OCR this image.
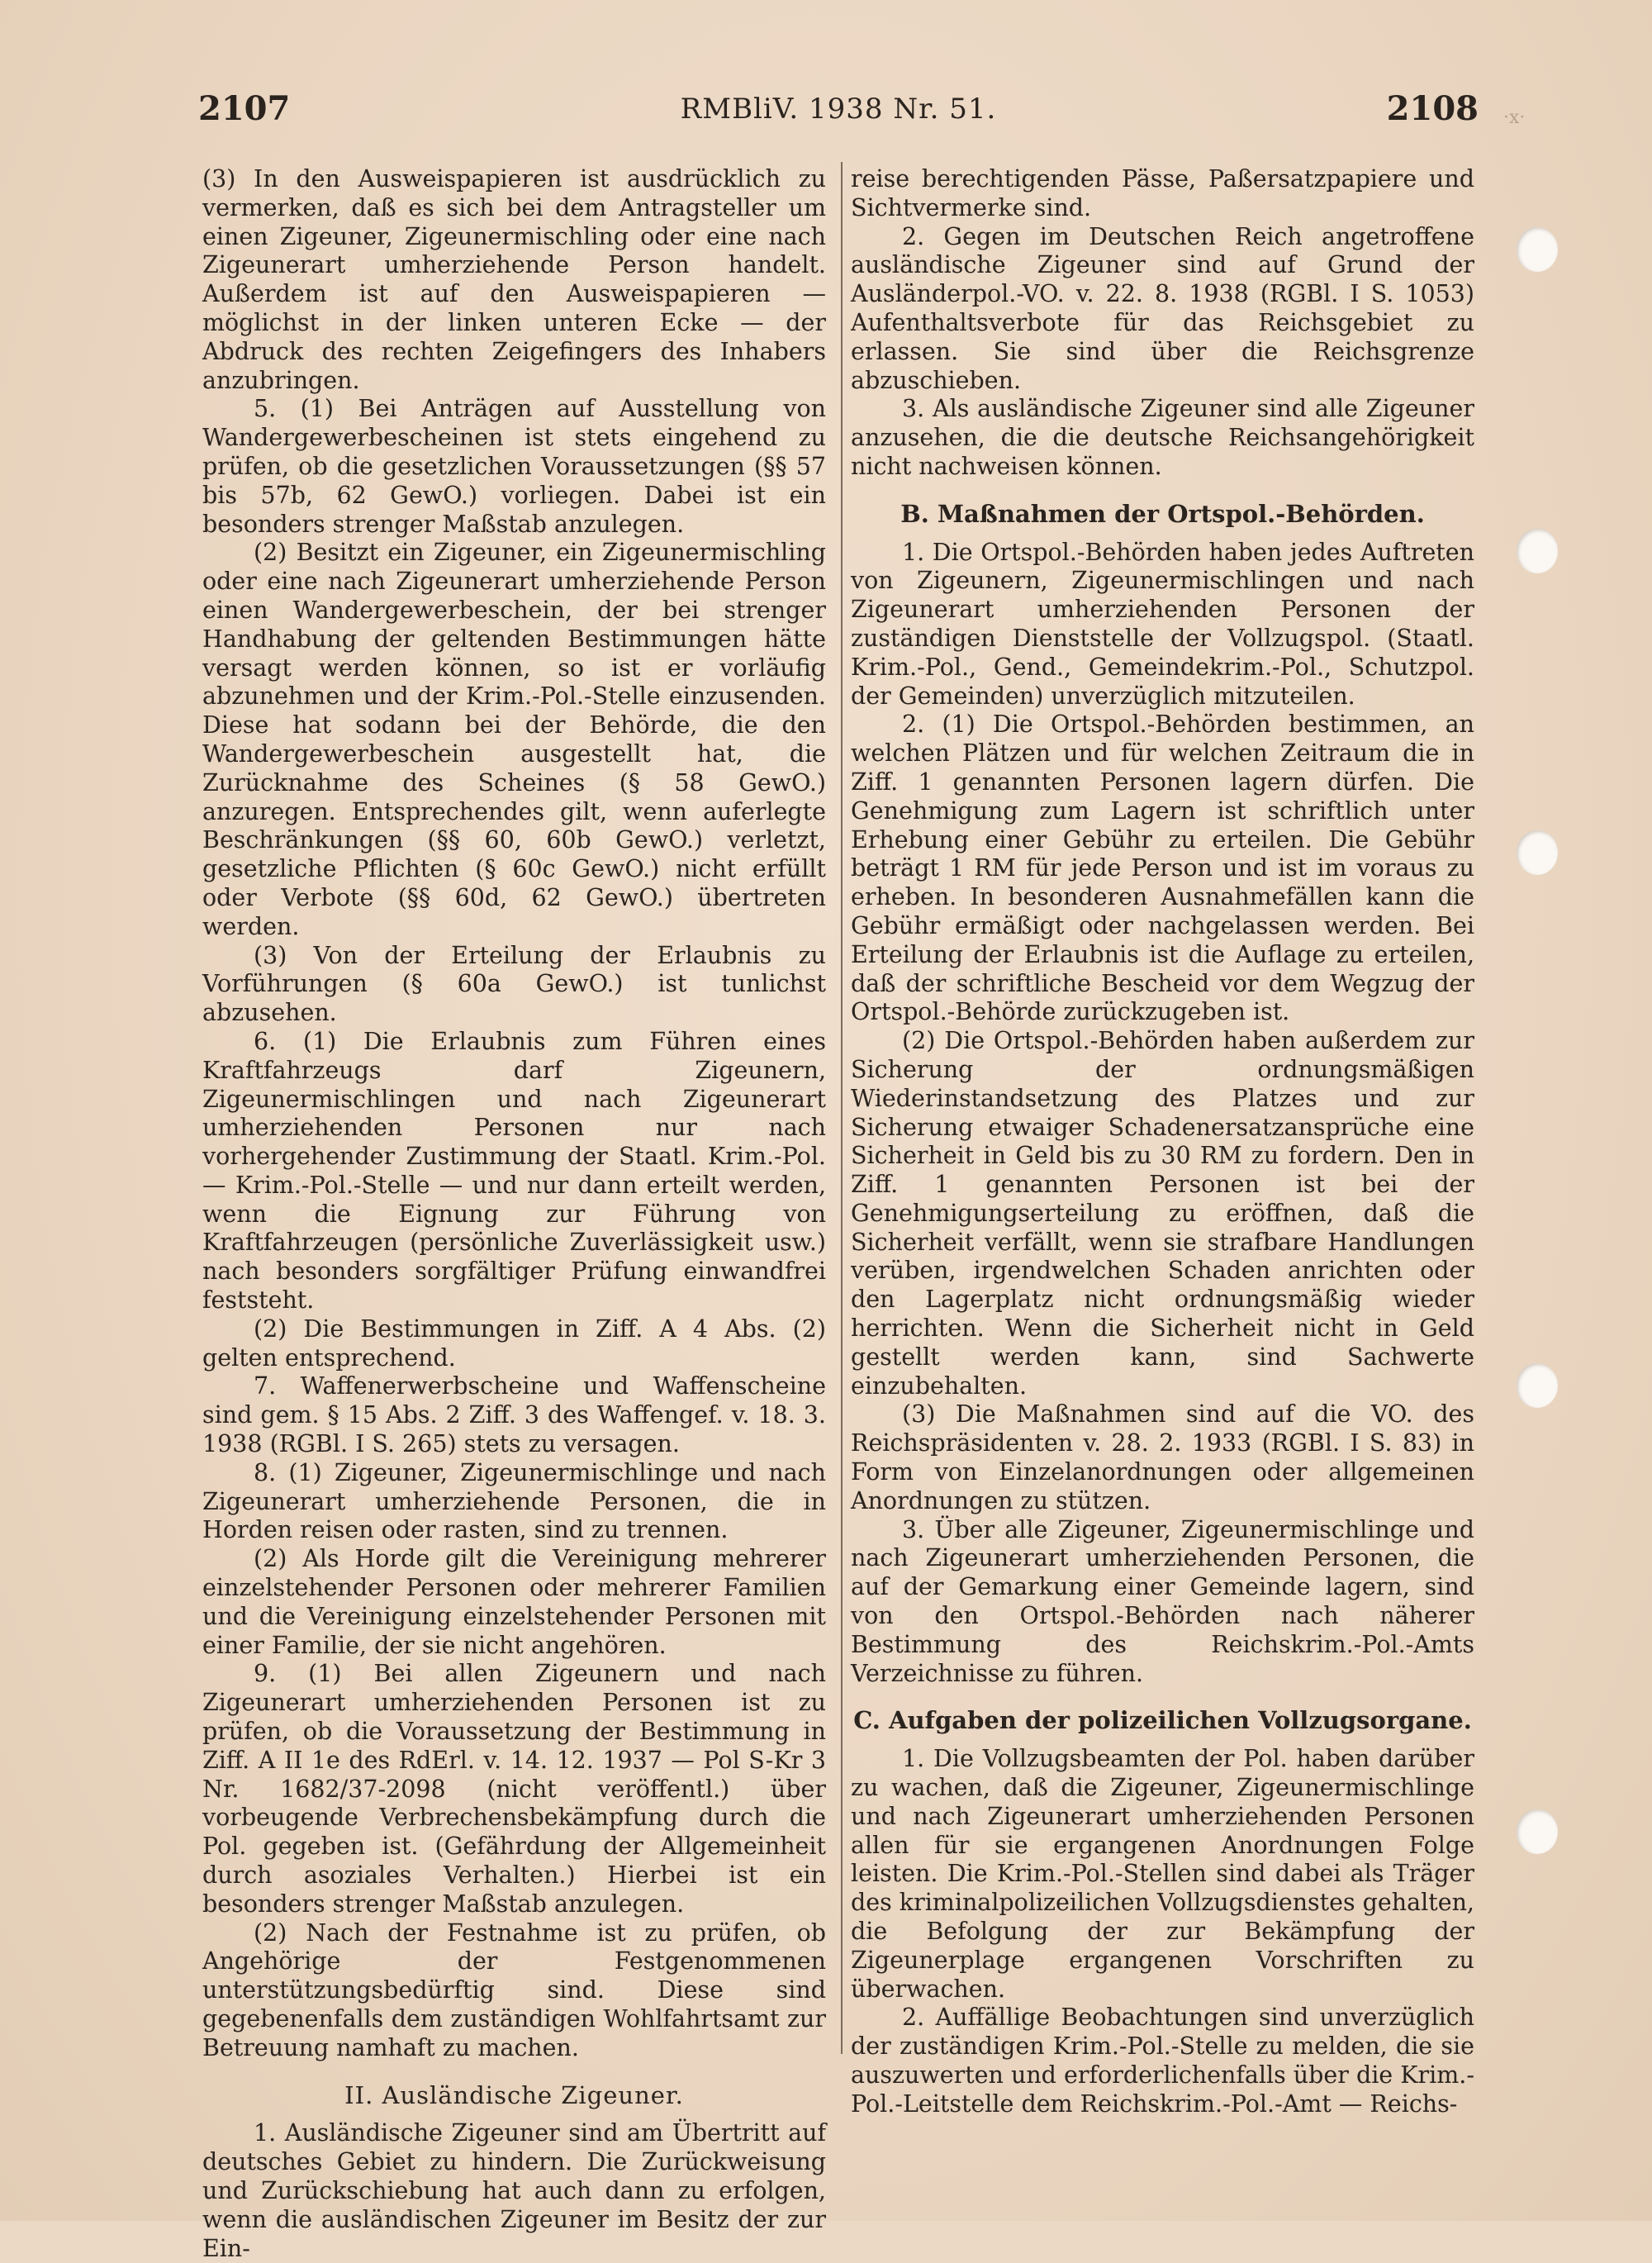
2107	RMBliV. 1938 Nr. 51.	2108 ·x·

(3) In den Ausweispapieren ist ausdrücklich zu vermerken, daß es sich bei dem Antragsteller um einen Zigeuner, Zigeunermischling oder eine nach Zigeunerart umherziehende Person handelt. Außerdem ist auf den Ausweispapieren — möglichst in der linken unteren Ecke — der Abdruck des rechten Zeigefingers des Inhabers anzubringen.

5. (1) Bei Anträgen auf Ausstellung von Wandergewerbescheinen ist stets eingehend zu prüfen, ob die gesetzlichen Voraussetzungen (§§ 57 bis 57b, 62 GewO.) vorliegen. Dabei ist ein besonders strenger Maßstab anzulegen.

(2) Besitzt ein Zigeuner, ein Zigeunermischling oder eine nach Zigeunerart umherziehende Person einen Wandergewerbeschein, der bei strenger Handhabung der geltenden Bestimmungen hätte versagt werden können, so ist er vorläufig abzunehmen und der Krim.-Pol.-Stelle einzusenden. Diese hat sodann bei der Behörde, die den Wandergewerbeschein ausgestellt hat, die Zurücknahme des Scheines (§ 58 GewO.) anzuregen. Entsprechendes gilt, wenn auferlegte Beschränkungen (§§ 60, 60b GewO.) verletzt, gesetzliche Pflichten (§ 60c GewO.) nicht erfüllt oder Verbote (§§ 60d, 62 GewO.) übertreten werden.

(3) Von der Erteilung der Erlaubnis zu Vorführungen (§ 60a GewO.) ist tunlichst abzusehen.

6. (1) Die Erlaubnis zum Führen eines Kraftfahrzeugs darf Zigeunern, Zigeunermischlingen und nach Zigeunerart umherziehenden Personen nur nach vorhergehender Zustimmung der Staatl. Krim.-Pol. — Krim.-Pol.-Stelle — und nur dann erteilt werden, wenn die Eignung zur Führung von Kraftfahrzeugen (persönliche Zuverlässigkeit usw.) nach besonders sorgfältiger Prüfung einwandfrei feststeht.

(2) Die Bestimmungen in Ziff. A 4 Abs. (2) gelten entsprechend.

7. Waffenerwerbscheine und Waffenscheine sind gem. § 15 Abs. 2 Ziff. 3 des Waffengef. v. 18. 3. 1938 (RGBl. I S. 265) stets zu versagen.

8. (1) Zigeuner, Zigeunermischlinge und nach Zigeunerart umherziehende Personen, die in Horden reisen oder rasten, sind zu trennen.

(2) Als Horde gilt die Vereinigung mehrerer einzelstehender Personen oder mehrerer Familien und die Vereinigung einzelstehender Personen mit einer Familie, der sie nicht angehören.

9. (1) Bei allen Zigeunern und nach Zigeunerart umherziehenden Personen ist zu prüfen, ob die Voraussetzung der Bestimmung in Ziff. A II 1e des RdErl. v. 14. 12. 1937 — Pol S-Kr 3 Nr. 1682/37-2098 (nicht veröffentl.) über vorbeugende Verbrechensbekämpfung durch die Pol. gegeben ist. (Gefährdung der Allgemeinheit durch asoziales Verhalten.) Hierbei ist ein besonders strenger Maßstab anzulegen.

(2) Nach der Festnahme ist zu prüfen, ob Angehörige der Festgenommenen unterstützungsbedürftig sind. Diese sind gegebenenfalls dem zuständigen Wohlfahrtsamt zur Betreuung namhaft zu machen.

II. Ausländische Zigeuner.

1. Ausländische Zigeuner sind am Übertritt auf deutsches Gebiet zu hindern. Die Zurückweisung und Zurückschiebung hat auch dann zu erfolgen, wenn die ausländischen Zigeuner im Besitz der zur Ein-

reise berechtigenden Pässe, Paßersatzpapiere und Sichtvermerke sind.

2. Gegen im Deutschen Reich angetroffene ausländische Zigeuner sind auf Grund der Ausländerpol.-VO. v. 22. 8. 1938 (RGBl. I S. 1053) Aufenthaltsverbote für das Reichsgebiet zu erlassen. Sie sind über die Reichsgrenze abzuschieben.

3. Als ausländische Zigeuner sind alle Zigeuner anzusehen, die die deutsche Reichsangehörigkeit nicht nachweisen können.

B. Maßnahmen der Ortspol.-Behörden.

1. Die Ortspol.-Behörden haben jedes Auftreten von Zigeunern, Zigeunermischlingen und nach Zigeunerart umherziehenden Personen der zuständigen Dienststelle der Vollzugspol. (Staatl. Krim.-Pol., Gend., Gemeindekrim.-Pol., Schutzpol. der Gemeinden) unverzüglich mitzuteilen.

2. (1) Die Ortspol.-Behörden bestimmen, an welchen Plätzen und für welchen Zeitraum die in Ziff. 1 genannten Personen lagern dürfen. Die Genehmigung zum Lagern ist schriftlich unter Erhebung einer Gebühr zu erteilen. Die Gebühr beträgt 1 RM für jede Person und ist im voraus zu erheben. In besonderen Ausnahmefällen kann die Gebühr ermäßigt oder nachgelassen werden. Bei Erteilung der Erlaubnis ist die Auflage zu erteilen, daß der schriftliche Bescheid vor dem Wegzug der Ortspol.-Behörde zurückzugeben ist.

(2) Die Ortspol.-Behörden haben außerdem zur Sicherung der ordnungsmäßigen Wiederinstandsetzung des Platzes und zur Sicherung etwaiger Schadenersatzansprüche eine Sicherheit in Geld bis zu 30 RM zu fordern. Den in Ziff. 1 genannten Personen ist bei der Genehmigungserteilung zu eröffnen, daß die Sicherheit verfällt, wenn sie strafbare Handlungen verüben, irgendwelchen Schaden anrichten oder den Lagerplatz nicht ordnungsmäßig wieder herrichten. Wenn die Sicherheit nicht in Geld gestellt werden kann, sind Sachwerte einzubehalten.

(3) Die Maßnahmen sind auf die VO. des Reichspräsidenten v. 28. 2. 1933 (RGBl. I S. 83) in Form von Einzelanordnungen oder allgemeinen Anordnungen zu stützen.

3. Über alle Zigeuner, Zigeunermischlinge und nach Zigeunerart umherziehenden Personen, die auf der Gemarkung einer Gemeinde lagern, sind von den Ortspol.-Behörden nach näherer Bestimmung des Reichskrim.-Pol.-Amts Verzeichnisse zu führen.

C. Aufgaben der polizeilichen Vollzugsorgane.

1. Die Vollzugsbeamten der Pol. haben darüber zu wachen, daß die Zigeuner, Zigeunermischlinge und nach Zigeunerart umherziehenden Personen allen für sie ergangenen Anordnungen Folge leisten. Die Krim.-Pol.-Stellen sind dabei als Träger des kriminalpolizeilichen Vollzugsdienstes gehalten, die Befolgung der zur Bekämpfung der Zigeunerplage ergangenen Vorschriften zu überwachen.

2. Auffällige Beobachtungen sind unverzüglich der zuständigen Krim.-Pol.-Stelle zu melden, die sie auszuwerten und erforderlichenfalls über die Krim.-Pol.-Leitstelle dem Reichskrim.-Pol.-Amt — Reichs-
